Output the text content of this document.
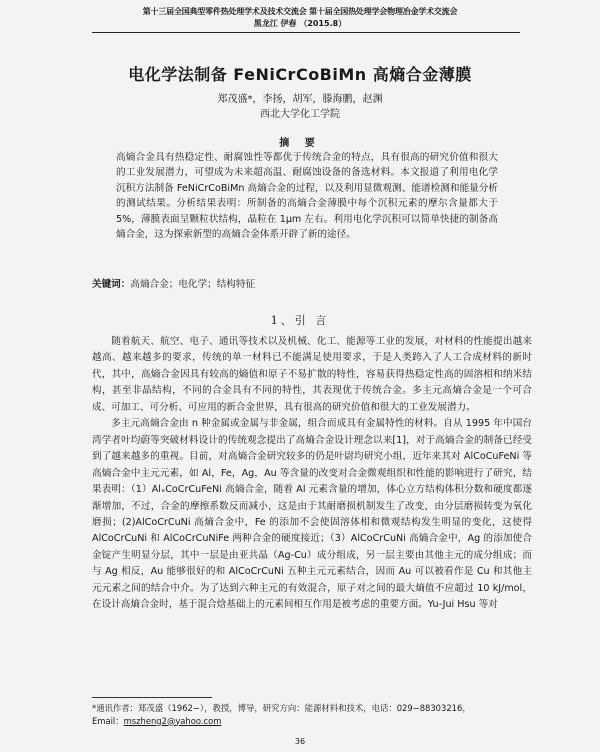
第十三届全国典型零件热处理学术及技术交流会 第十届全国热处理学会物理冶金学术交流会
黑龙江 伊春 （2015.8）
电化学法制备 FeNiCrCoBiMn 高熵合金薄膜
郑茂盛*，李扬，胡军，滕海鹏，赵渊
西北大学化工学院
摘 要
高熵合金具有热稳定性、耐腐蚀性等都优于传统合金的特点，具有很高的研究价值和很大的工业发展潜力，可望成为未来超高温、耐腐蚀设备的备选材料。本文报道了利用电化学沉积方法制备 FeNiCrCoBiMn 高熵合金的过程，以及利用显微观测、能谱检测和能量分析的测试结果。分析结果表明：所制备的高熵合金薄膜中每个沉积元素的摩尔含量都大于 5%，薄膜表面呈颗粒状结构，晶粒在 1μm 左右。利用电化学沉积可以简单快捷的制备高熵合金，这为探索新型的高熵合金体系开辟了新的途径。
关键词：高熵合金；电化学；结构特征
1、引 言

随着航天、航空、电子、通讯等技术以及机械、化工、能源等工业的发展，对材料的性能提出越来越高、越来越多的要求，传统的单一材料已不能满足使用要求，于是人类跨入了人工合成材料的新时代，其中，高熵合金因具有较高的熵值和原子不易扩散的特性，容易获得热稳定性高的固溶相和纳米结构，甚至非晶结构，不同的合金具有不同的特性，其表现优于传统合金。多主元高熵合金是一个可合成、可加工、可分析、可应用的新合金世界，具有很高的研究价值和很大的工业发展潜力。

多主元高熵合金由 n 种金属或金属与非金属，组合而成具有金属特性的材料。自从 1995 年中国台湾学者叶均蔚等突破材料设计的传统观念提出了高熵合金设计理念以来[1]，对于高熵合金的制备已经受到了越来越多的重视。目前，对高熵合金研究较多的仍是叶尉均研究小组，近年来其对 AlCoCuFeNi 等高熵合金中主元元素，如 Al，Fe，Ag，Au 等含量的改变对合金微观组织和性能的影响进行了研究，结果表明：（1）AlₓCoCrCuFeNi 高熵合金，随着 Al 元素含量的增加，体心立方结构体积分数和硬度都逐渐增加，不过，合金的摩擦系数反而减小，这是由于其耐磨损机制发生了改变，由分层磨损转变为氧化磨损；(2)AlCoCrCuNi 高熵合金中，Fe 的添加不会使固溶体相和微观结构发生明显的变化，这使得 AlCoCrCuNi 和 AlCoCrCuNiFe 两种合金的硬度接近；（3）AlCoCrCuNi 高熵合金中，Ag 的添加使合金锭产生明显分层，其中一层是由亚共晶（Ag-Cu）成分组成，另一层主要由其他主元的成分组成；而与 Ag 相反，Au 能够很好的和 AlCoCrCuNi 五种主元元素结合，因而 Au 可以被看作是 Cu 和其他主元元素之间的结合中介。为了达到六种主元的有效混合，原子对之间的最大熵值不应超过 10 kJ/mol，在设计高熵合金时，基于混合焓基础上的元素间相互作用是被考虑的重要方面。Yu-Jui Hsu 等对

*通讯作者：郑茂盛（1962−），教授，博导，研究方向：能源材料和技术，电话：029−88303216，
Email：mszheng2@yahoo.com
36
